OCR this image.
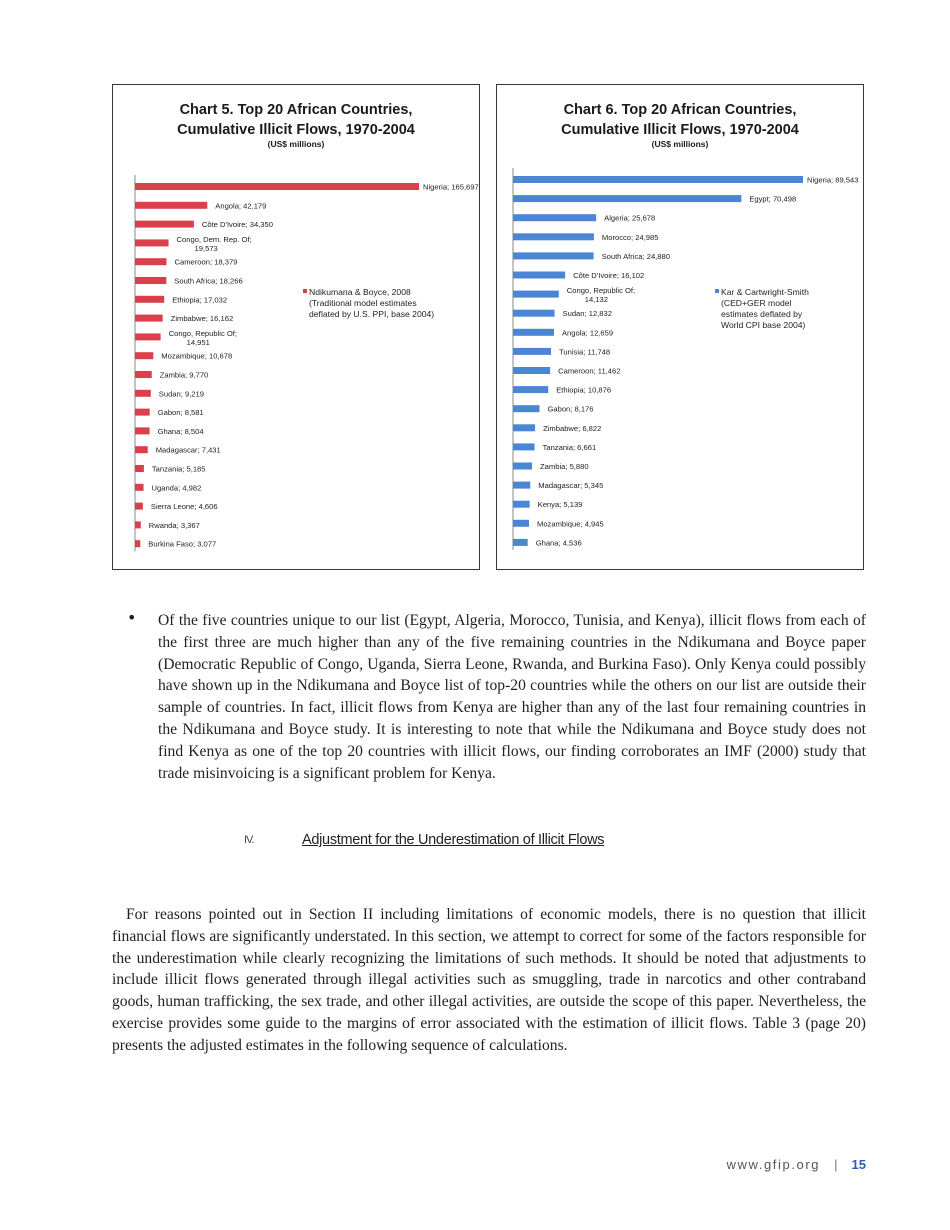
Chart 5. Top 20 African Countries,
Cumulative Illicit Flows, 1970-2004
(US$ millions)
Nigeria; 165,697
Angola; 42,179
Côte D'Ivoire; 34,350
Congo, Dem. Rep. Of;
19,573
Cameroon; 18,379
South Africa; 18,266
Ethiopia; 17,032
Zimbabwe; 16,162
Congo, Republic Of;
14,951
Mozambique; 10,678
Zambia; 9,770
Sudan; 9,219
Gabon; 8,581
Ghana; 8,504
Madagascar; 7,431
Tanzania; 5,185
Uganda; 4,982
Sierra Leone; 4,606
Rwanda; 3,367
Burkina Faso; 3,077
Ndikumana & Boyce, 2008
(Traditional model estimates
deflated by U.S. PPI, base 2004)
Chart 6. Top 20 African Countries,
Cumulative Illicit Flows, 1970-2004
(US$ millions)
Nigeria; 89,543
Egypt; 70,498
Algeria; 25,678
Morocco; 24,985
South Africa; 24,880
Côte D'Ivoire; 16,102
Congo, Republic Of;
14,132
Sudan; 12,832
Angola; 12,659
Tunisia; 11,748
Cameroon; 11,462
Ethiopia; 10,876
Gabon; 8,176
Zimbabwe; 6,822
Tanzania; 6,661
Zambia; 5,880
Madagascar; 5,345
Kenya; 5,139
Mozambique; 4,945
Ghana; 4,536
Kar & Cartwright-Smith
(CED+GER model
estimates deflated by
World CPI base 2004)
• Of the five countries unique to our list (Egypt, Algeria, Morocco, Tunisia, and Kenya), illicit flows from each of the first three are much higher than any of the five remaining countries in the Ndikumana and Boyce paper (Democratic Republic of Congo, Uganda, Sierra Leone, Rwanda, and Burkina Faso). Only Kenya could possibly have shown up in the Ndikumana and Boyce list of top-20 countries while the others on our list are outside their sample of countries. In fact, illicit flows from Kenya are higher than any of the last four remaining countries in the Ndikumana and Boyce study. It is interesting to note that while the Ndikumana and Boyce study does not find Kenya as one of the top 20 countries with illicit flows, our finding corroborates an IMF (2000) study that trade misinvoicing is a significant problem for Kenya.

IV.	Adjustment for the Underestimation of Illicit Flows

For reasons pointed out in Section II including limitations of economic models, there is no question that illicit financial flows are significantly understated. In this section, we attempt to correct for some of the factors responsible for the underestimation while clearly recognizing the limitations of such methods. It should be noted that adjustments to include illicit flows generated through illegal activities such as smuggling, trade in narcotics and other contraband goods, human trafficking, the sex trade, and other illegal activities, are outside the scope of this paper. Nevertheless, the exercise provides some guide to the margins of error associated with the estimation of illicit flows. Table 3 (page 20) presents the adjusted estimates in the following sequence of calculations.

www.gfip.org | 15
